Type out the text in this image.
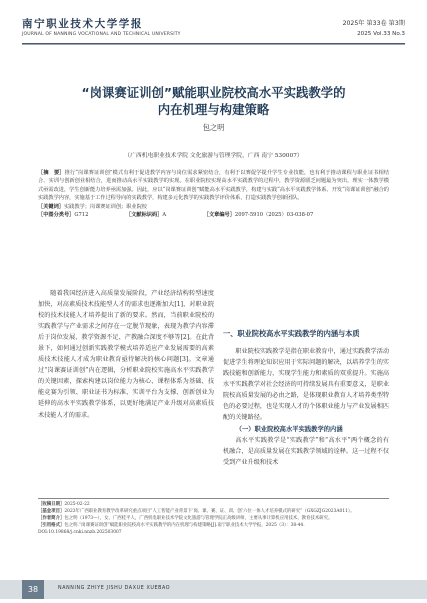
南宁职业技术大学学报
JOURNAL OF NANNING VOCATIONAL AND TECHNICAL UNIVERSITY
2025年 第33卷 第3期
2025 Vol.33 No.3
“岗课赛证训创”赋能职业院校高水平实践教学的
内在机理与构建策略
包之明
（广西机电职业技术学院 文化旅游与管理学院，广西 南宁 530007）

［摘　要］推行“岗课赛证训创”模式有利于促进教学内容与岗位需求紧密结合，有利于以赛促学提升学生专业技能，也有利于推动课程与职业证书相结合、实训与创新创业相结合，进而推动高水平实践教学的实现。在职业院校实现高水平实践教学的过程中，教学资源匮乏问题最为突出，理实一体教学模式亟需改进，学生创新能力培养亟需加强。因此，应以“岗课赛证训创”赋能高水平实践教学，构建与实践“高水平实践教学体系、开发“岗课证训创”融合的实践教学内容，实施基于工作过程导向的实践教学，构建多元化教学的实践教学评价体系，打造实践教学创新团队。

［关键词］实践教学；岗课赛证训创；职业院校

［中图分类号］G712	［文献标识码］A	［文章编号］2097-5910（2025）03-038-07

随着我国经济进入高质量发展阶段，产业经济结构转型速度加快，对高素质技术技能型人才的需求也逐渐加大[1]，对职业院校的技术技能人才培养提出了新的要求。然而，当前职业院校的实践教学与产业需求之间存在一定脱节现象，表现为教学内容滞后于岗位发展、教学资源不足、产教融合深度不够等[2]。在此背景下，如何通过创新实践教学模式培养适应产业发展需要的高素质技术技能人才成为职业教育亟待解决的核心问题[3]。文章通过“岗课赛证训创”内在逻辑，分析职业院校实施高水平实践教学的关键因素，探索构建以岗位能力为核心、课程体系为基础、技能竞赛为引领、职业证书为标准、实训平台为支撑、创新创业为延伸的高水平实践教学体系，以更好地满足产业升级对高素质技术技能人才的需求。
一、职业院校高水平实践教学的内涵与本质
职业院校实践教学是指在职业教育中，通过实践教学活动促进学生将理论知识应用于实际问题的解决，以培养学生的实践技能和创新能力，实现学生能力和素质的双重提升。实施高水平实践教学对社会经济的可持续发展具有重要意义，是职业院校高质量发展的必由之路，是体现职业教育人才培养类型特色的必要过程，也是实现人才的个体职业能力与产业发展相匹配的关键路径。
（一）职业院校高水平实践教学的内涵
高水平实践教学是“实践教学”和“高水平”两个概念的有机融合，是高质量发展在实践教学领域的诠释。这一过程不仅受到产业升级和技术
［收稿日期］2025-02-22
［基金项目］2023年广西职业教育教学改革研究重点项目“人工智能产业背景下‘岗、课、赛、证、训、创’六位一体人才培养模式的研究”（GXGZJG2023A011）。
［作者简介］包之明（1973—），女，广西桂平人，广西机电职业技术学院文化旅游与管理学院正高级讲师，主要从事计算机应用技术、教育技术研究。
［引用格式］包之明.“岗课赛证训创”赋能职业院校高水平实践教学的内在机理与构建策略[J].南宁职业技术大学学报，2025（3）：38-44.
DOI:10.19868/j.cnki.nnzb.202503007
38	NANNING ZHIYE JISHU DAXUE XUEBAO
